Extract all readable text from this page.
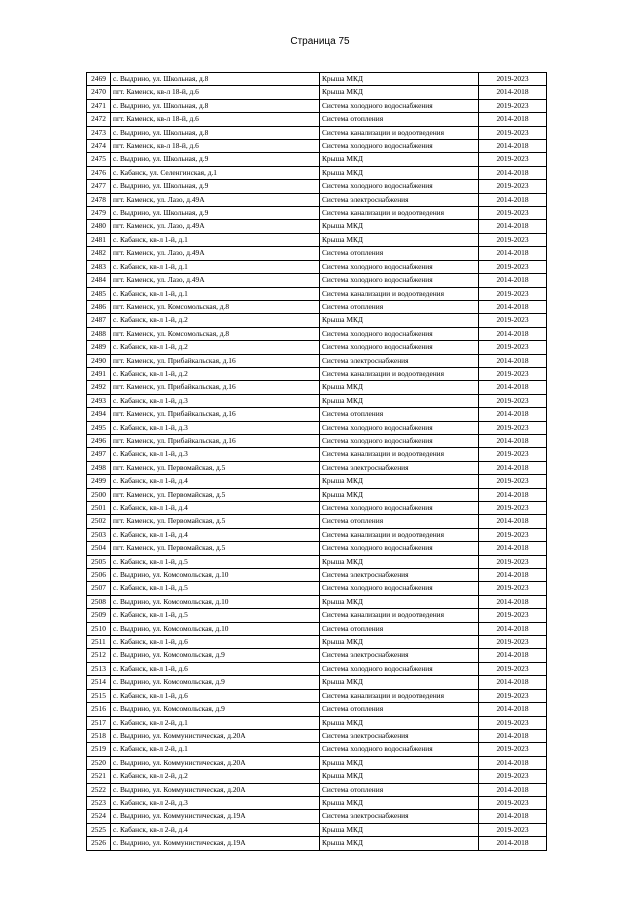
Страница 75
2469	с. Выдрино, ул. Школьная, д.8	Крыша МКД	2019-2023
2470	пгт. Каменск, кв-л 18-й, д.6	Крыша МКД	2014-2018
2471	с. Выдрино, ул. Школьная, д.8	Система холодного водоснабжения	2019-2023
2472	пгт. Каменск, кв-л 18-й, д.6	Система отопления	2014-2018
2473	с. Выдрино, ул. Школьная, д.8	Система канализации и водоотведения	2019-2023
2474	пгт. Каменск, кв-л 18-й, д.6	Система холодного водоснабжения	2014-2018
2475	с. Выдрино, ул. Школьная, д.9	Крыша МКД	2019-2023
2476	с. Кабанск, ул. Селенгинская, д.1	Крыша МКД	2014-2018
2477	с. Выдрино, ул. Школьная, д.9	Система холодного водоснабжения	2019-2023
2478	пгт. Каменск, ул. Лазо, д.49А	Система электроснабжения	2014-2018
2479	с. Выдрино, ул. Школьная, д.9	Система канализации и водоотведения	2019-2023
2480	пгт. Каменск, ул. Лазо, д.49А	Крыша МКД	2014-2018
2481	с. Кабанск, кв-л 1-й, д.1	Крыша МКД	2019-2023
2482	пгт. Каменск, ул. Лазо, д.49А	Система отопления	2014-2018
2483	с. Кабанск, кв-л 1-й, д.1	Система холодного водоснабжения	2019-2023
2484	пгт. Каменск, ул. Лазо, д.49А	Система холодного водоснабжения	2014-2018
2485	с. Кабанск, кв-л 1-й, д.1	Система канализации и водоотведения	2019-2023
2486	пгт. Каменск, ул. Комсомольская, д.8	Система отопления	2014-2018
2487	с. Кабанск, кв-л 1-й, д.2	Крыша МКД	2019-2023
2488	пгт. Каменск, ул. Комсомольская, д.8	Система холодного водоснабжения	2014-2018
2489	с. Кабанск, кв-л 1-й, д.2	Система холодного водоснабжения	2019-2023
2490	пгт. Каменск, ул. Прибайкальская, д.16	Система электроснабжения	2014-2018
2491	с. Кабанск, кв-л 1-й, д.2	Система канализации и водоотведения	2019-2023
2492	пгт. Каменск, ул. Прибайкальская, д.16	Крыша МКД	2014-2018
2493	с. Кабанск, кв-л 1-й, д.3	Крыша МКД	2019-2023
2494	пгт. Каменск, ул. Прибайкальская, д.16	Система отопления	2014-2018
2495	с. Кабанск, кв-л 1-й, д.3	Система холодного водоснабжения	2019-2023
2496	пгт. Каменск, ул. Прибайкальская, д.16	Система холодного водоснабжения	2014-2018
2497	с. Кабанск, кв-л 1-й, д.3	Система канализации и водоотведения	2019-2023
2498	пгт. Каменск, ул. Первомайская, д.5	Система электроснабжения	2014-2018
2499	с. Кабанск, кв-л 1-й, д.4	Крыша МКД	2019-2023
2500	пгт. Каменск, ул. Первомайская, д.5	Крыша МКД	2014-2018
2501	с. Кабанск, кв-л 1-й, д.4	Система холодного водоснабжения	2019-2023
2502	пгт. Каменск, ул. Первомайская, д.5	Система отопления	2014-2018
2503	с. Кабанск, кв-л 1-й, д.4	Система канализации и водоотведения	2019-2023
2504	пгт. Каменск, ул. Первомайская, д.5	Система холодного водоснабжения	2014-2018
2505	с. Кабанск, кв-л 1-й, д.5	Крыша МКД	2019-2023
2506	с. Выдрино, ул. Комсомольская, д.10	Система электроснабжения	2014-2018
2507	с. Кабанск, кв-л 1-й, д.5	Система холодного водоснабжения	2019-2023
2508	с. Выдрино, ул. Комсомольская, д.10	Крыша МКД	2014-2018
2509	с. Кабанск, кв-л 1-й, д.5	Система канализации и водоотведения	2019-2023
2510	с. Выдрино, ул. Комсомольская, д.10	Система отопления	2014-2018
2511	с. Кабанск, кв-л 1-й, д.6	Крыша МКД	2019-2023
2512	с. Выдрино, ул. Комсомольская, д.9	Система электроснабжения	2014-2018
2513	с. Кабанск, кв-л 1-й, д.6	Система холодного водоснабжения	2019-2023
2514	с. Выдрино, ул. Комсомольская, д.9	Крыша МКД	2014-2018
2515	с. Кабанск, кв-л 1-й, д.6	Система канализации и водоотведения	2019-2023
2516	с. Выдрино, ул. Комсомольская, д.9	Система отопления	2014-2018
2517	с. Кабанск, кв-л 2-й, д.1	Крыша МКД	2019-2023
2518	с. Выдрино, ул. Коммунистическая, д.20А	Система электроснабжения	2014-2018
2519	с. Кабанск, кв-л 2-й, д.1	Система холодного водоснабжения	2019-2023
2520	с. Выдрино, ул. Коммунистическая, д.20А	Крыша МКД	2014-2018
2521	с. Кабанск, кв-л 2-й, д.2	Крыша МКД	2019-2023
2522	с. Выдрино, ул. Коммунистическая, д.20А	Система отопления	2014-2018
2523	с. Кабанск, кв-л 2-й, д.3	Крыша МКД	2019-2023
2524	с. Выдрино, ул. Коммунистическая, д.19А	Система электроснабжения	2014-2018
2525	с. Кабанск, кв-л 2-й, д.4	Крыша МКД	2019-2023
2526	с. Выдрино, ул. Коммунистическая, д.19А	Крыша МКД	2014-2018
